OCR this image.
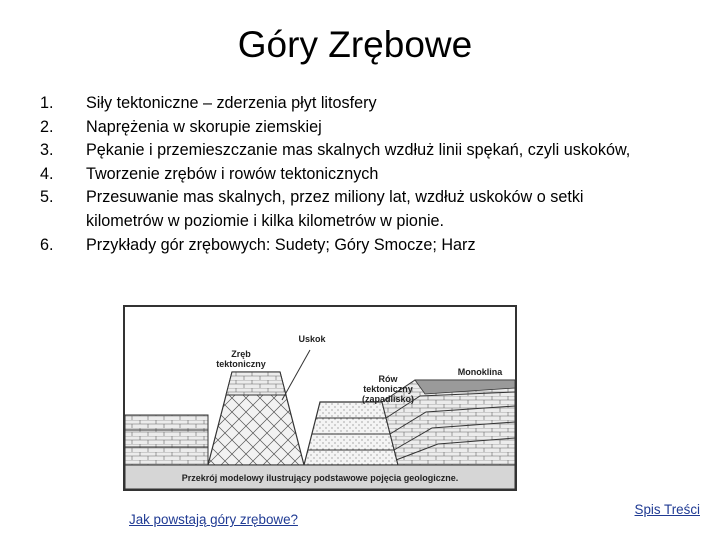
Góry Zrębowe
1. Siły tektoniczne – zderzenia płyt litosfery
2. Naprężenia w skorupie ziemskiej
3. Pękanie i przemieszczanie mas skalnych wzdłuż linii spękań, czyli uskoków,
4. Tworzenie zrębów i rowów tektonicznych
5. Przesuwanie mas skalnych, przez miliony lat, wzdłuż uskoków o setki kilometrów w poziomie i kilka kilometrów w pionie.
6. Przykłady gór zrębowych: Sudety; Góry Smocze; Harz
Zręb
tektoniczny
Uskok
Rów
tektoniczny
(zapadlisko)
Monoklina
Przekrój modelowy ilustrujący podstawowe pojęcia geologiczne.
Jak powstają góry zrębowe?
Spis Treści
